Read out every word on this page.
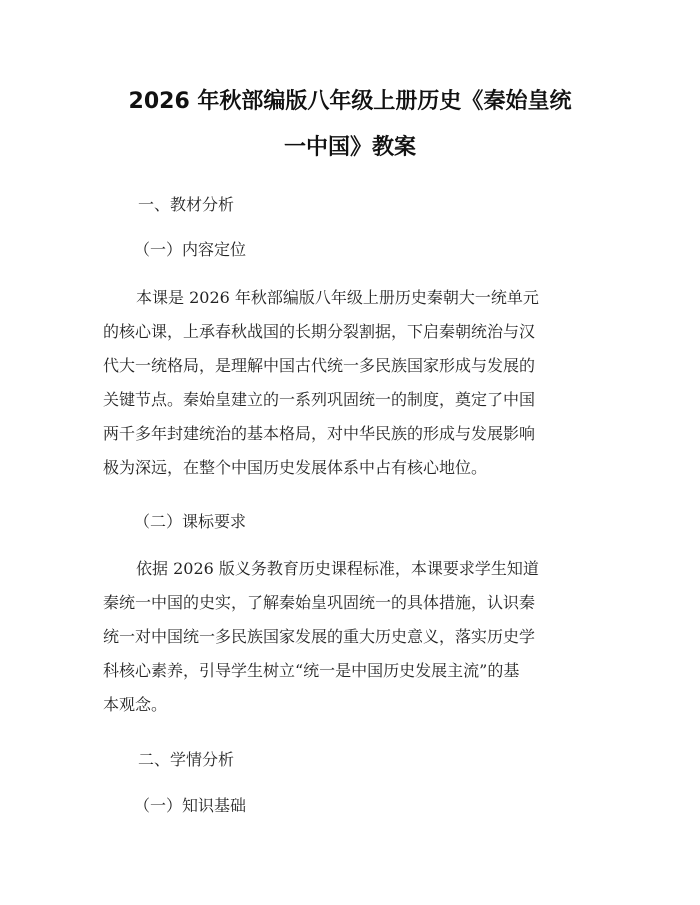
2026 年秋部编版八年级上册历史《秦始皇统
一中国》教案
一、教材分析
（一）内容定位
本课是 2026 年秋部编版八年级上册历史秦朝大一统单元
的核心课，上承春秋战国的长期分裂割据，下启秦朝统治与汉
代大一统格局，是理解中国古代统一多民族国家形成与发展的
关键节点。秦始皇建立的一系列巩固统一的制度，奠定了中国
两千多年封建统治的基本格局，对中华民族的形成与发展影响
极为深远，在整个中国历史发展体系中占有核心地位。
（二）课标要求
依据 2026 版义务教育历史课程标准，本课要求学生知道
秦统一中国的史实，了解秦始皇巩固统一的具体措施，认识秦
统一对中国统一多民族国家发展的重大历史意义，落实历史学
科核心素养，引导学生树立“统一是中国历史发展主流”的基
本观念。
二、学情分析
（一）知识基础
